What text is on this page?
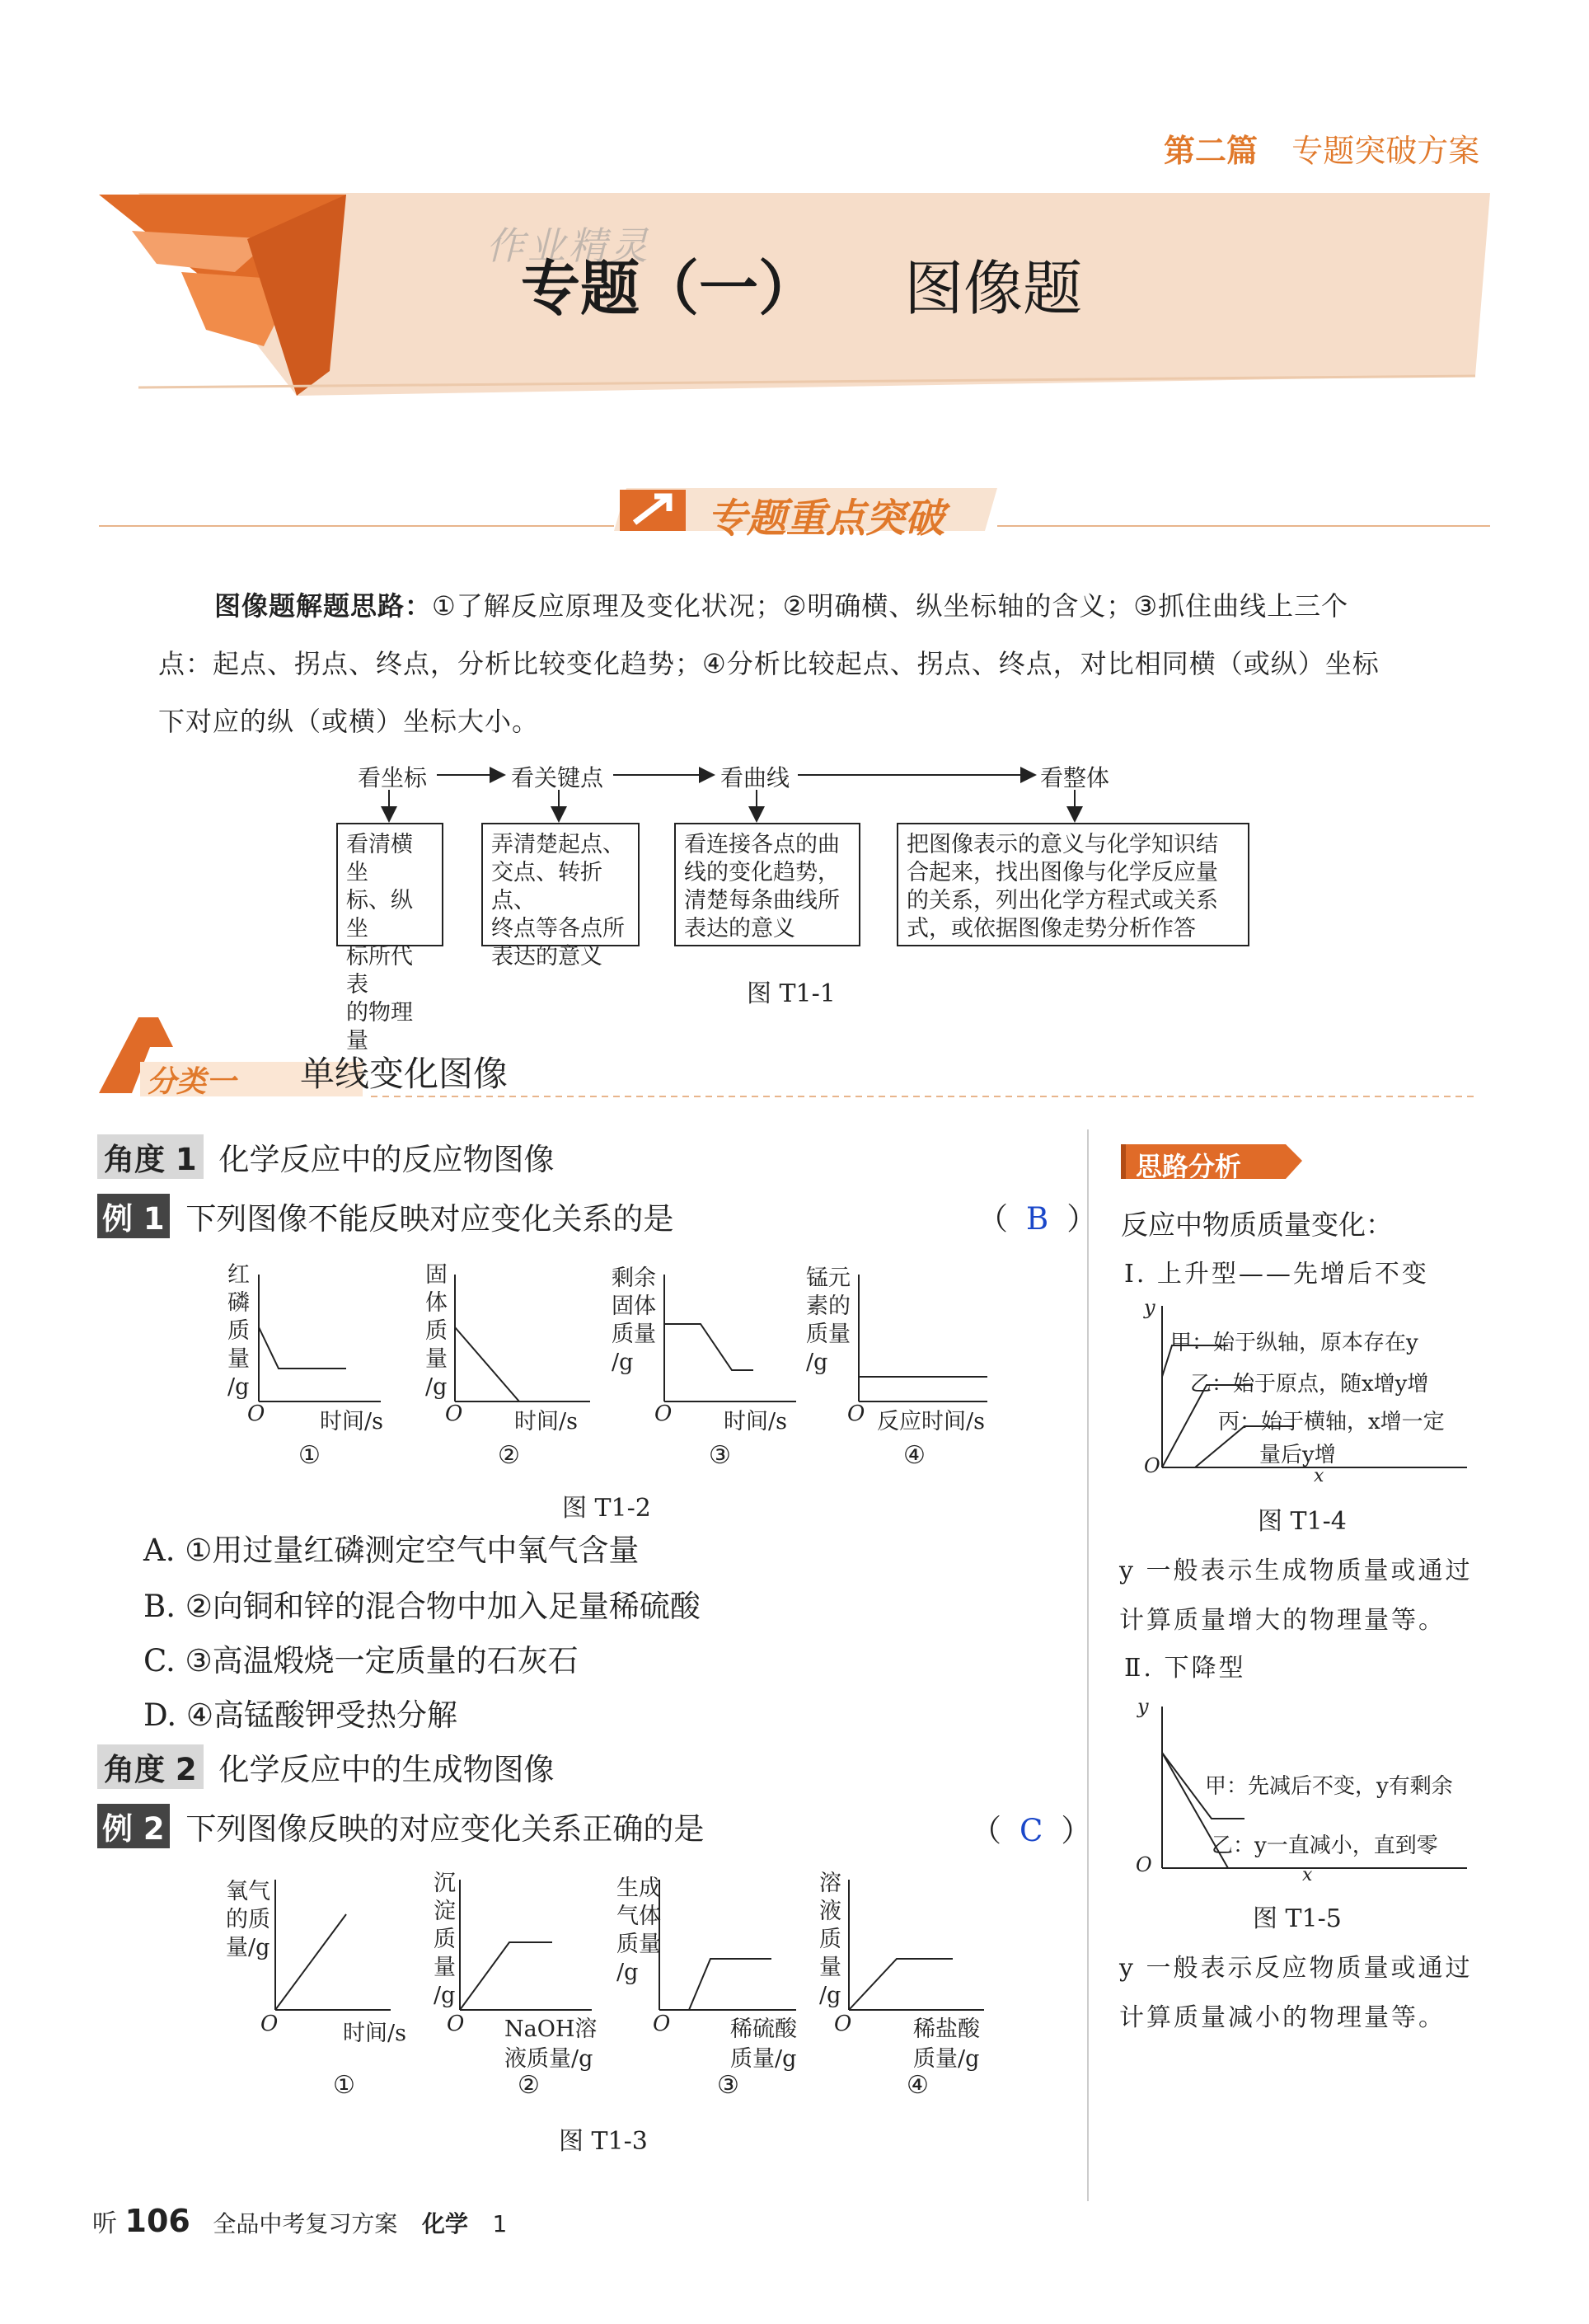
第二篇 专题突破方案
作业精灵
专题（一） 图像题
专题重点突破
图像题解题思路：①了解反应原理及变化状况；②明确横、纵坐标轴的含义；③抓住曲线上三个
点：起点、拐点、终点，分析比较变化趋势；④分析比较起点、拐点、终点，对比相同横（或纵）坐标
下对应的纵（或横）坐标大小。
看坐标	看关键点	看曲线	看整体
看清横坐
标、纵坐
标所代表
的物理量
弄清楚起点、
交点、转折点、
终点等各点所
表达的意义
看连接各点的曲
线的变化趋势，
清楚每条曲线所
表达的意义
把图像表示的意义与化学知识结
合起来，找出图像与化学反应量
的关系，列出化学方程式或关系
式，或依据图像走势分析作答
图 T1-1
分类一 单线变化图像
角度 1 化学反应中的反应物图像
例 1 下列图像不能反映对应变化关系的是	（ B ）
红
磷
质
量
/g
固
体
质
量
/g
剩余
固体
质量
/g
锰元
素的
质量
/g
O	O	O	O
时间/s	时间/s	时间/s	反应时间/s
①	②	③	④
图 T1-2
A. ①用过量红磷测定空气中氧气含量
B. ②向铜和锌的混合物中加入足量稀硫酸
C. ③高温煅烧一定质量的石灰石
D. ④高锰酸钾受热分解
角度 2 化学反应中的生成物图像
例 2 下列图像反映的对应变化关系正确的是	（ C ）
氧气
的质
量/g
沉
淀
质
量
/g
生成
气体
质量
/g
溶
液
质
量
/g
O	O	O	O
时间/s	NaOH溶
液质量/g
稀硫酸
质量/g
稀盐酸
质量/g
①	②	③	④
图 T1-3
思路分析
反应中物质质量变化：
Ⅰ. 上升型——先增后不变
y
O	x
甲：始于纵轴，原本存在y
乙：始于原点，随x增y增
丙：始于横轴，x增一定
量后y增
图 T1-4
y 一般表示生成物质量或通过
计算质量增大的物理量等。
Ⅱ. 下降型
y
O	x
甲：先减后不变，y有剩余
乙：y一直减小，直到零
图 T1-5
y 一般表示反应物质量或通过
计算质量减小的物理量等。
听 106 全品中考复习方案 化学 1
